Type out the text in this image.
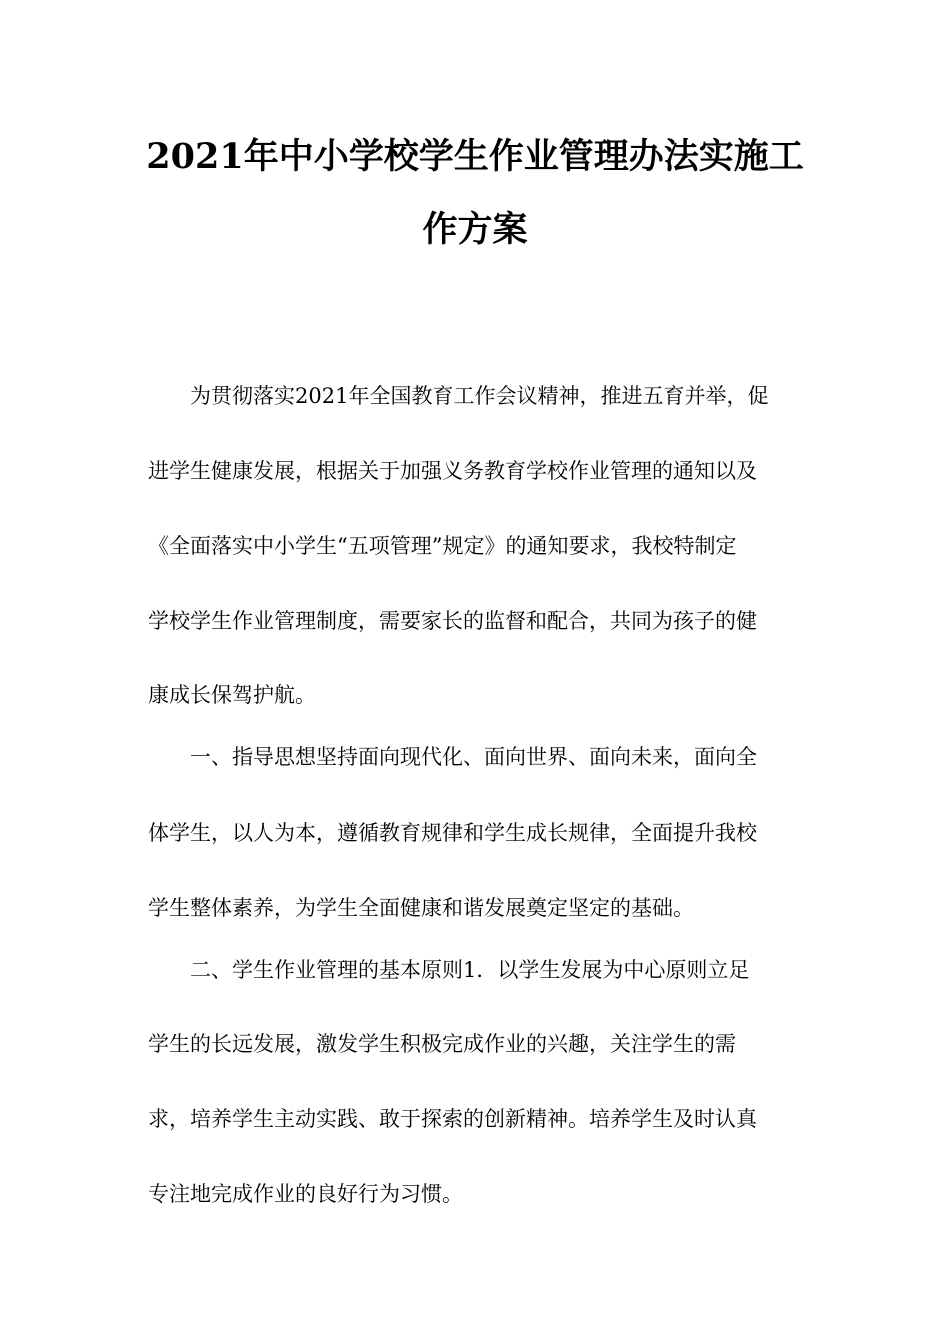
2021年中小学校学生作业管理办法实施工
作方案
为贯彻落实2021年全国教育工作会议精神，推进五育并举，促
进学生健康发展，根据关于加强义务教育学校作业管理的通知以及
《全面落实中小学生“五项管理”规定》的通知要求，我校特制定
学校学生作业管理制度，需要家长的监督和配合，共同为孩子的健
康成长保驾护航。
一、指导思想坚持面向现代化、面向世界、面向未来，面向全
体学生，以人为本，遵循教育规律和学生成长规律，全面提升我校
学生整体素养，为学生全面健康和谐发展奠定坚定的基础。
二、学生作业管理的基本原则1．以学生发展为中心原则立足
学生的长远发展，激发学生积极完成作业的兴趣，关注学生的需
求，培养学生主动实践、敢于探索的创新精神。培养学生及时认真
专注地完成作业的良好行为习惯。
